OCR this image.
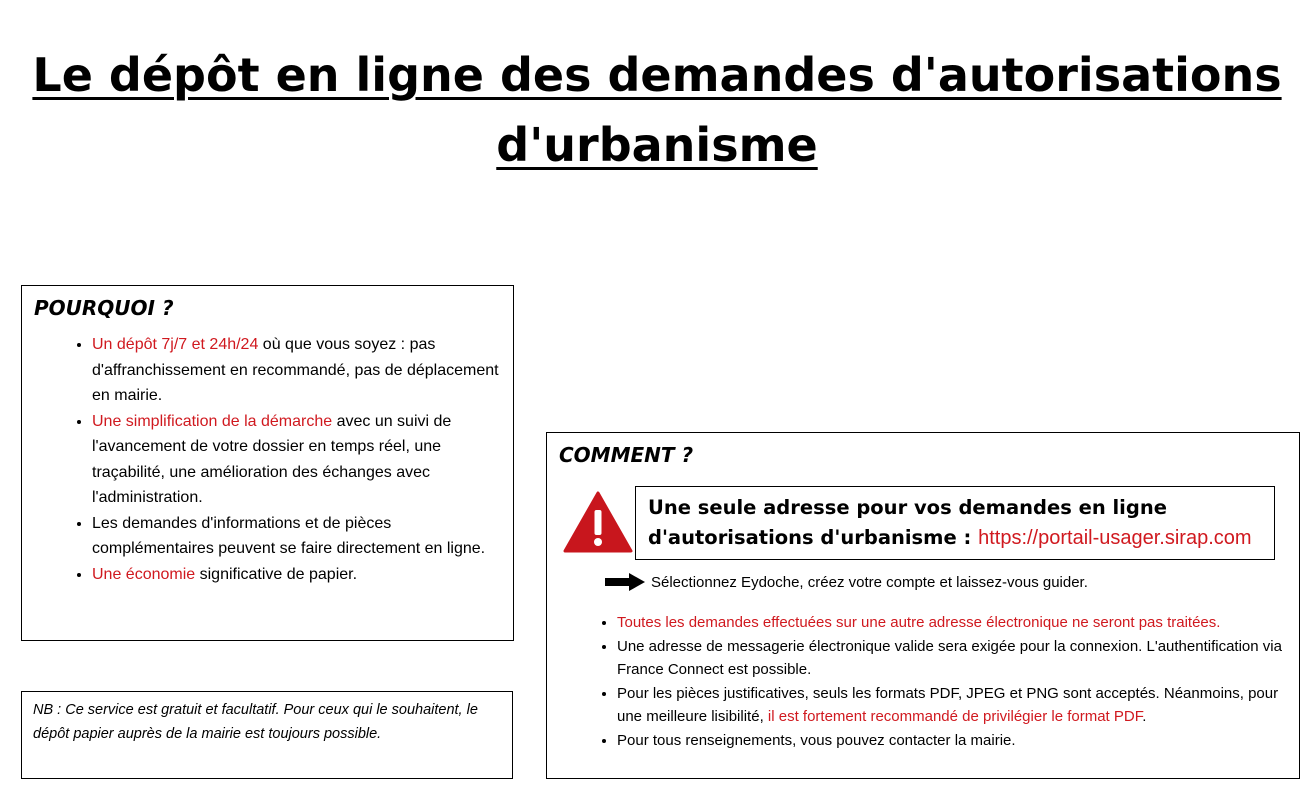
Le dépôt en ligne des demandes d'autorisations
d'urbanisme
POURQUOI ?
• Un dépôt 7j/7 et 24h/24 où que vous soyez : pas d'affranchissement en recommandé, pas de déplacement en mairie.
• Une simplification de la démarche avec un suivi de l'avancement de votre dossier en temps réel, une traçabilité, une amélioration des échanges avec l'administration.
• Les demandes d'informations et de pièces complémentaires peuvent se faire directement en ligne.
• Une économie significative de papier.
NB : Ce service est gratuit et facultatif. Pour ceux qui le souhaitent, le dépôt papier auprès de la mairie est toujours possible.
COMMENT ?
Une seule adresse pour vos demandes en ligne d'autorisations d'urbanisme : https://portail-usager.sirap.com
Sélectionnez Eydoche, créez votre compte et laissez-vous guider.
• Toutes les demandes effectuées sur une autre adresse électronique ne seront pas traitées.
• Une adresse de messagerie électronique valide sera exigée pour la connexion. L'authentification via France Connect est possible.
• Pour les pièces justificatives, seuls les formats PDF, JPEG et PNG sont acceptés. Néanmoins, pour une meilleure lisibilité, il est fortement recommandé de privilégier le format PDF.
• Pour tous renseignements, vous pouvez contacter la mairie.
